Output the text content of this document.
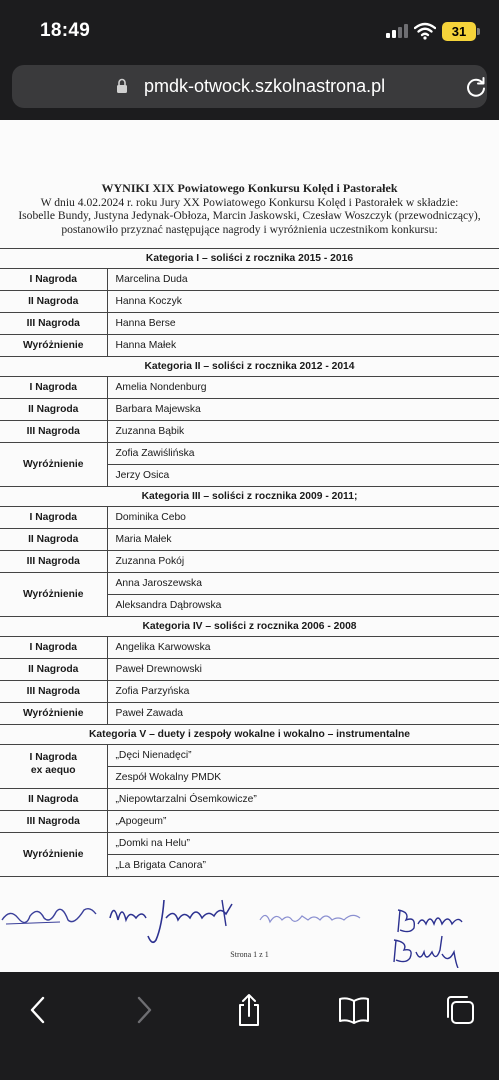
18:49	31
pmdk-otwock.szkolnastrona.pl
WYNIKI XIX Powiatowego Konkursu Kolęd i Pastorałek
W dniu 4.02.2024 r. roku Jury XX Powiatowego Konkursu Kolęd i Pastorałek w składzie:
Isobelle Bundy, Justyna Jedynak-Obłoza, Marcin Jaskowski, Czesław Woszczyk (przewodniczący),
postanowiło przyznać następujące nagrody i wyróżnienia uczestnikom konkursu:
Kategoria I – soliści z rocznika 2015 - 2016	
I Nagroda	Marcelina Duda
II Nagroda	Hanna Koczyk
III Nagroda	Hanna Berse
Wyróżnienie	Hanna Małek
Kategoria II – soliści z rocznika 2012 - 2014	
I Nagroda	Amelia Nondenburg
II Nagroda	Barbara Majewska
III Nagroda	Zuzanna Bąbik
Wyróżnienie	Zofia Zawiślińska
	Jerzy Osica
Kategoria III – soliści z rocznika 2009 - 2011;	
I Nagroda	Dominika Cebo
II Nagroda	Maria Małek
III Nagroda	Zuzanna Pokój
Wyróżnienie	Anna Jaroszewska
	Aleksandra Dąbrowska
Kategoria IV – soliści z rocznika 2006 - 2008	
I Nagroda	Angelika Karwowska
II Nagroda	Paweł Drewnowski
III Nagroda	Zofia Parzyńska
Wyróżnienie	Paweł Zawada
Kategoria V – duety i zespoły wokalne i wokalno – instrumentalne	
I Nagroda
ex aequo	„Dęci Nienadęci”
	Zespół Wokalny PMDK
II Nagroda	„Niepowtarzalni Ósemkowicze”
III Nagroda	„Apogeum”
Wyróżnienie	„Domki na Helu”
	„La Brigata Canora”
Strona 1 z 1
